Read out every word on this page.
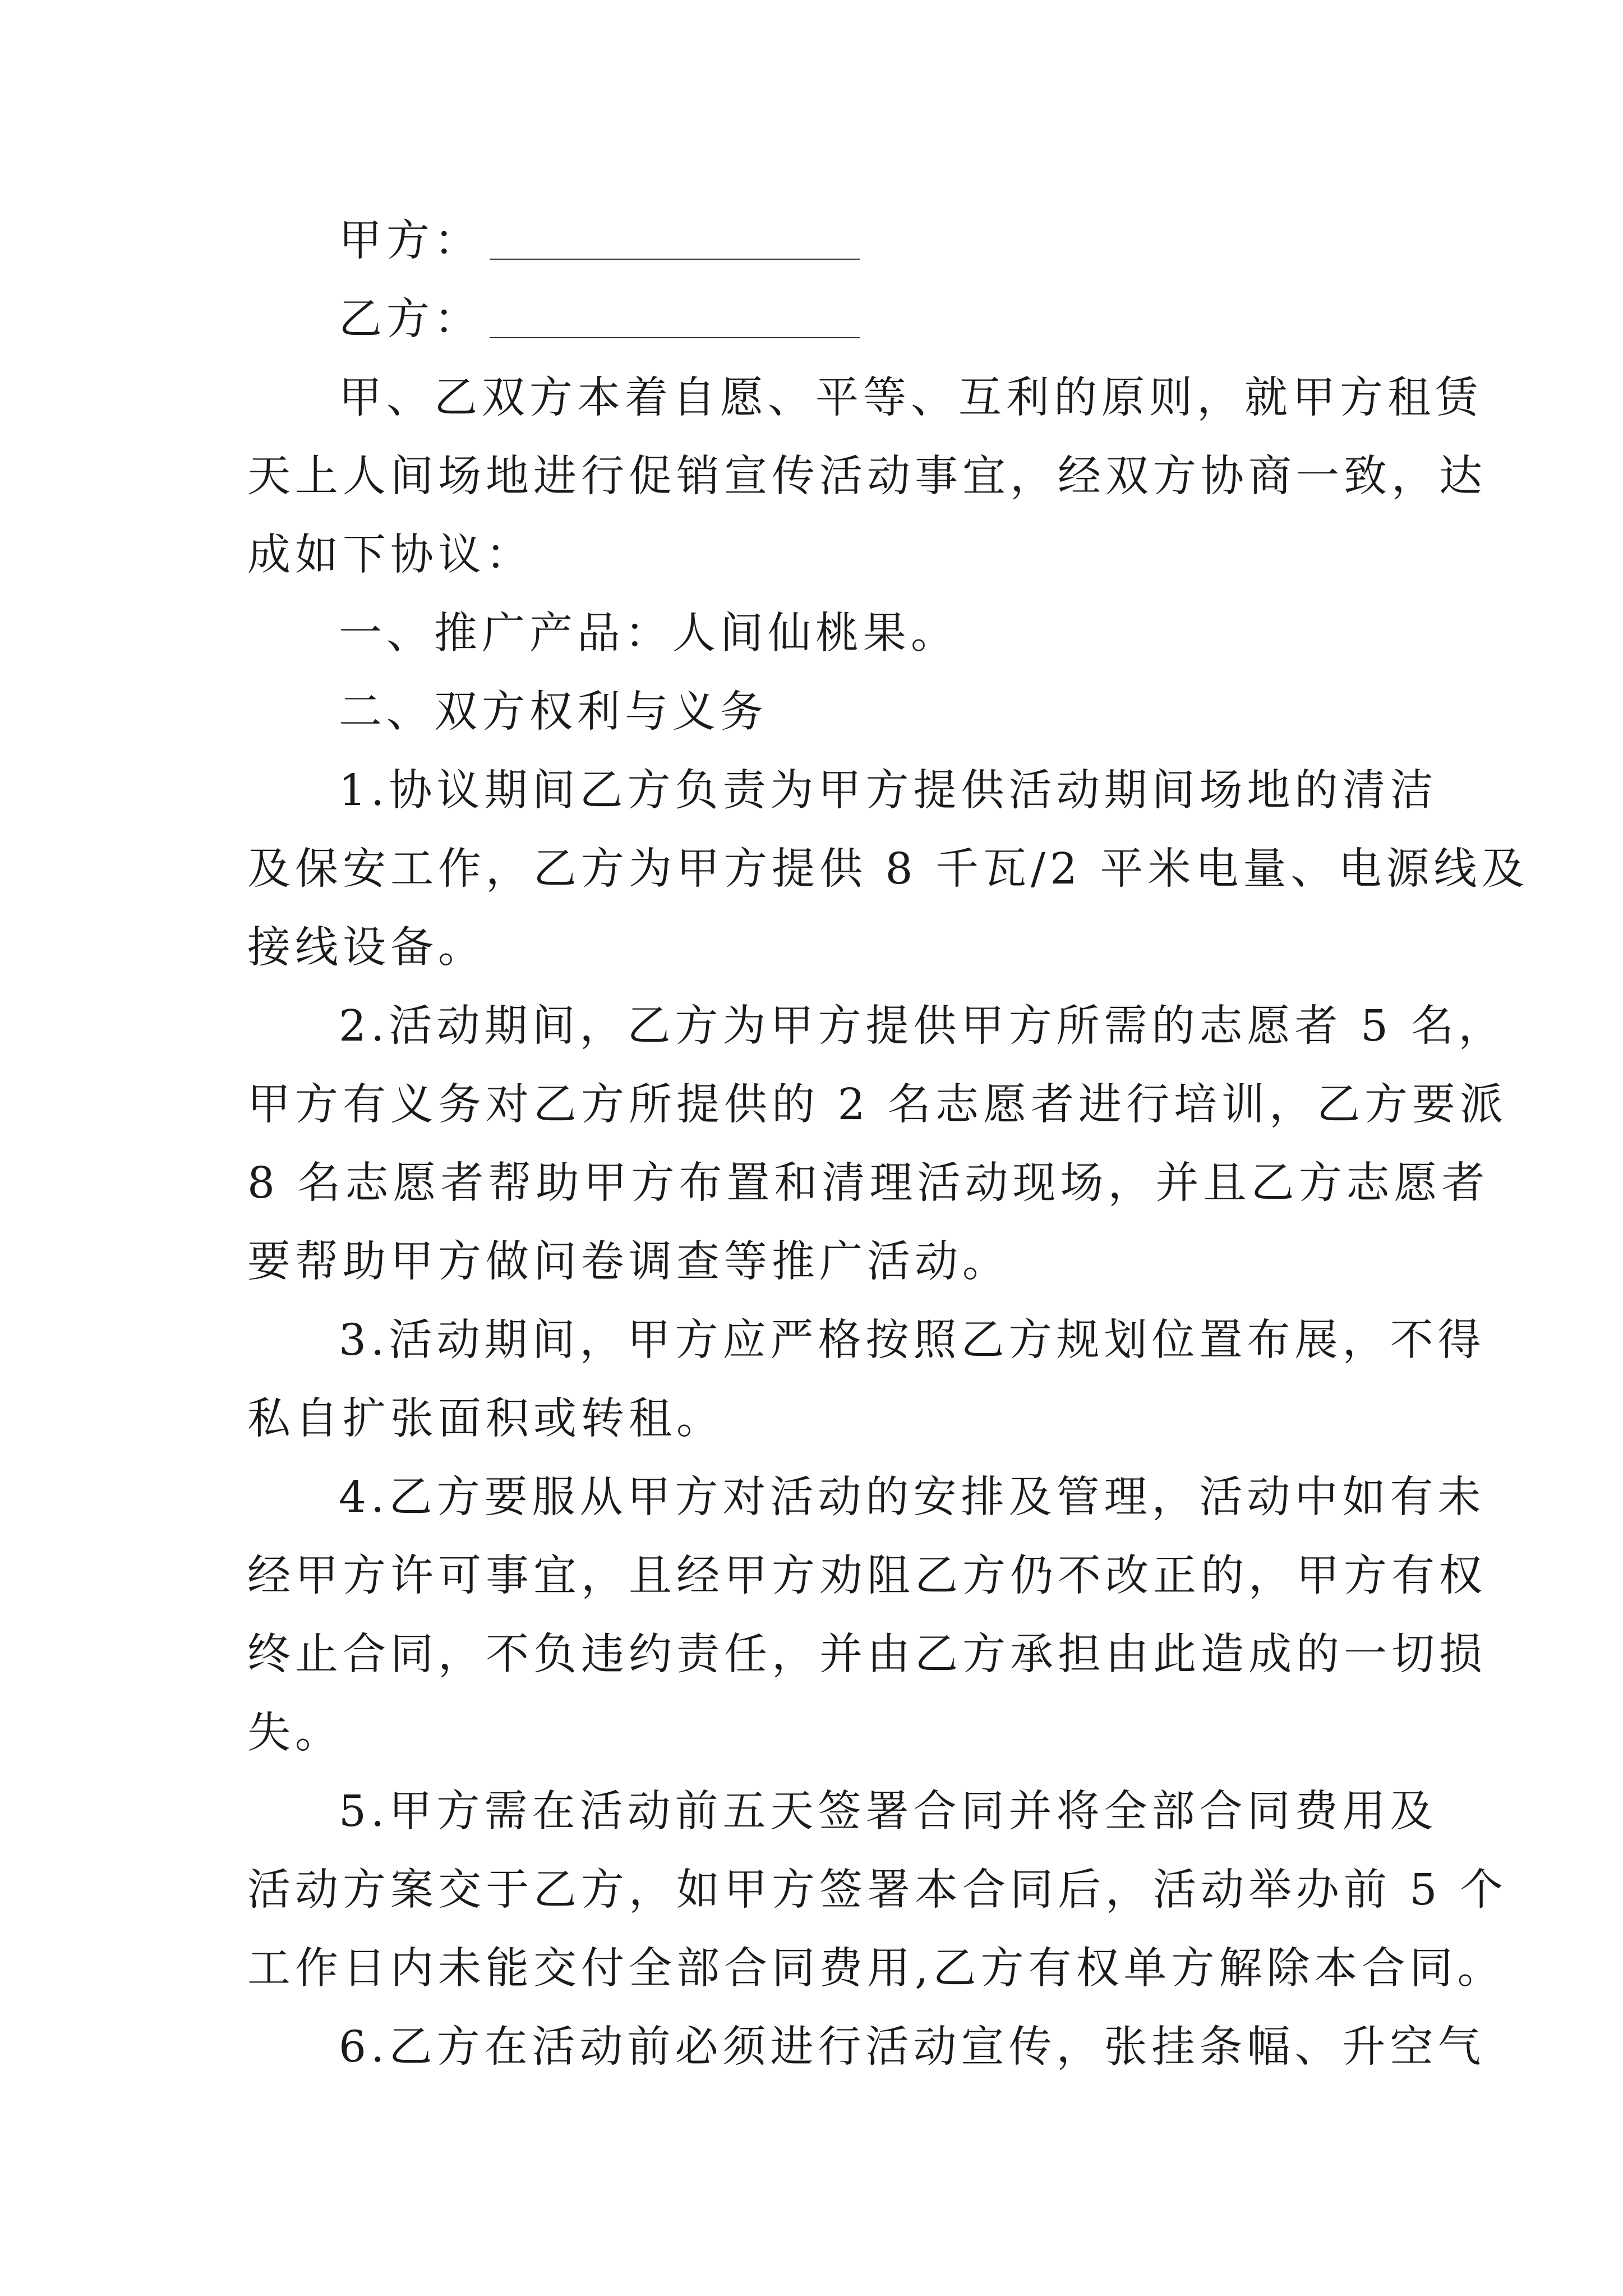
甲方：
乙方：
甲、乙双方本着自愿、平等、互利的原则，就甲方租赁
天上人间场地进行促销宣传活动事宜，经双方协商一致，达
成如下协议：
一、推广产品：人间仙桃果。
二、双方权利与义务
1.协议期间乙方负责为甲方提供活动期间场地的清洁
及保安工作，乙方为甲方提供 8 千瓦/2 平米电量、电源线及
接线设备。
2.活动期间，乙方为甲方提供甲方所需的志愿者 5 名，
甲方有义务对乙方所提供的 2 名志愿者进行培训，乙方要派
8 名志愿者帮助甲方布置和清理活动现场，并且乙方志愿者
要帮助甲方做问卷调查等推广活动。
3.活动期间，甲方应严格按照乙方规划位置布展，不得
私自扩张面积或转租。
4.乙方要服从甲方对活动的安排及管理，活动中如有未
经甲方许可事宜，且经甲方劝阻乙方仍不改正的，甲方有权
终止合同，不负违约责任，并由乙方承担由此造成的一切损
失。
5.甲方需在活动前五天签署合同并将全部合同费用及
活动方案交于乙方，如甲方签署本合同后，活动举办前 5 个
工作日内未能交付全部合同费用,乙方有权单方解除本合同。
6.乙方在活动前必须进行活动宣传，张挂条幅、升空气
